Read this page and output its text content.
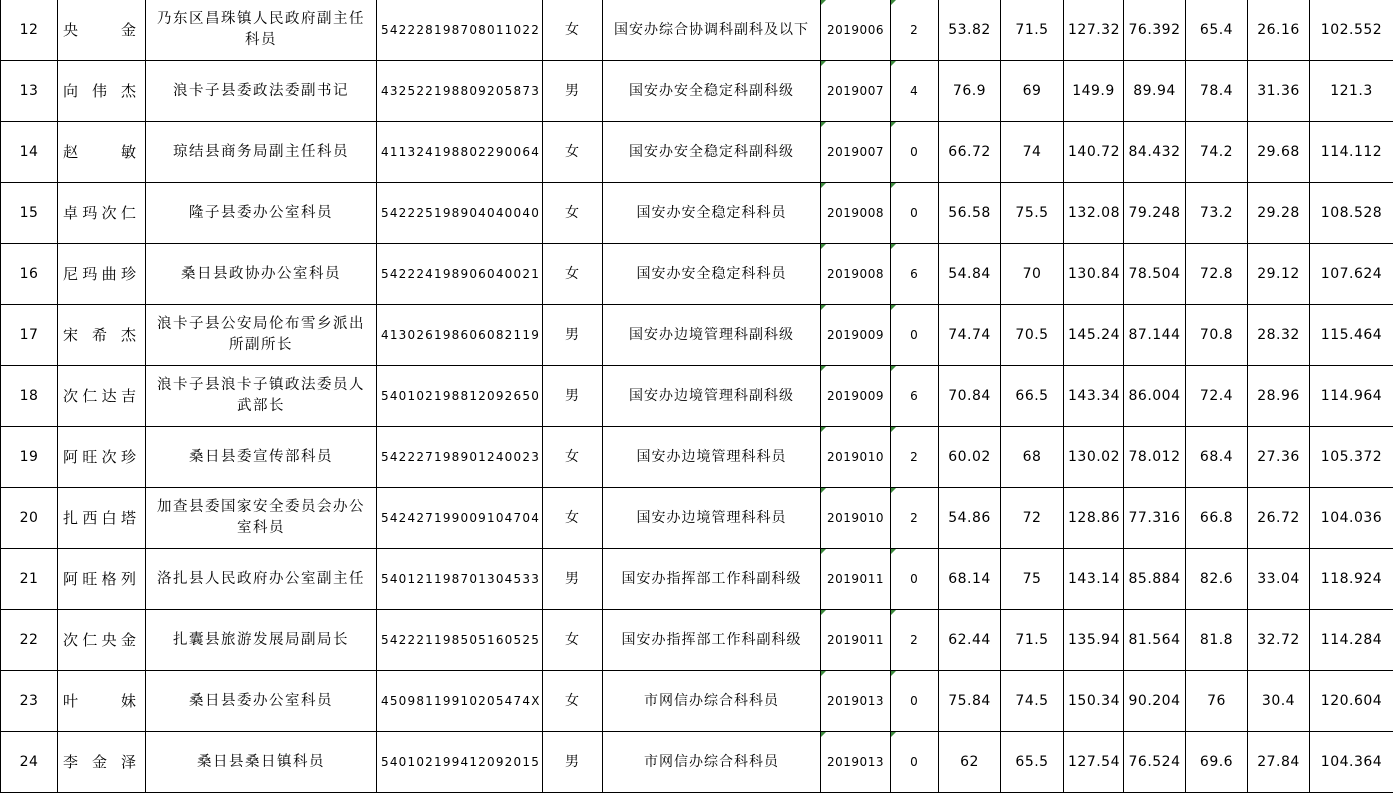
12	央　　金	乃东区昌珠镇人民政府副主任科员	542228198708011022	女	国安办综合协调科副科及以下	2019006	2	53.82	71.5	127.32	76.392	65.4	26.16	102.552
13	向伟杰	浪卡子县委政法委副书记	432522198809205873	男	国安办安全稳定科副科级	2019007	4	76.9	69	149.9	89.94	78.4	31.36	121.3
14	赵　　敏	琼结县商务局副主任科员	411324198802290064	女	国安办安全稳定科副科级	2019007	0	66.72	74	140.72	84.432	74.2	29.68	114.112
15	卓玛次仁	隆子县委办公室科员	542225198904040040	女	国安办安全稳定科科员	2019008	0	56.58	75.5	132.08	79.248	73.2	29.28	108.528
16	尼玛曲珍	桑日县政协办公室科员	542224198906040021	女	国安办安全稳定科科员	2019008	6	54.84	70	130.84	78.504	72.8	29.12	107.624
17	宋希杰	浪卡子县公安局伦布雪乡派出所副所长	413026198606082119	男	国安办边境管理科副科级	2019009	0	74.74	70.5	145.24	87.144	70.8	28.32	115.464
18	次仁达吉	浪卡子县浪卡子镇政法委员人武部长	540102198812092650	男	国安办边境管理科副科级	2019009	6	70.84	66.5	143.34	86.004	72.4	28.96	114.964
19	阿旺次珍	桑日县委宣传部科员	542227198901240023	女	国安办边境管理科科员	2019010	2	60.02	68	130.02	78.012	68.4	27.36	105.372
20	扎西白塔	加查县委国家安全委员会办公室科员	542427199009104704	女	国安办边境管理科科员	2019010	2	54.86	72	128.86	77.316	66.8	26.72	104.036
21	阿旺格列	洛扎县人民政府办公室副主任	540121198701304533	男	国安办指挥部工作科副科级	2019011	0	68.14	75	143.14	85.884	82.6	33.04	118.924
22	次仁央金	扎囊县旅游发展局副局长	542221198505160525	女	国安办指挥部工作科副科级	2019011	2	62.44	71.5	135.94	81.564	81.8	32.72	114.284
23	叶　　妹	桑日县委办公室科员	45098119910205474X	女	市网信办综合科科员	2019013	0	75.84	74.5	150.34	90.204	76	30.4	120.604
24	李金泽	桑日县桑日镇科员	540102199412092015	男	市网信办综合科科员	2019013	0	62	65.5	127.54	76.524	69.6	27.84	104.364
